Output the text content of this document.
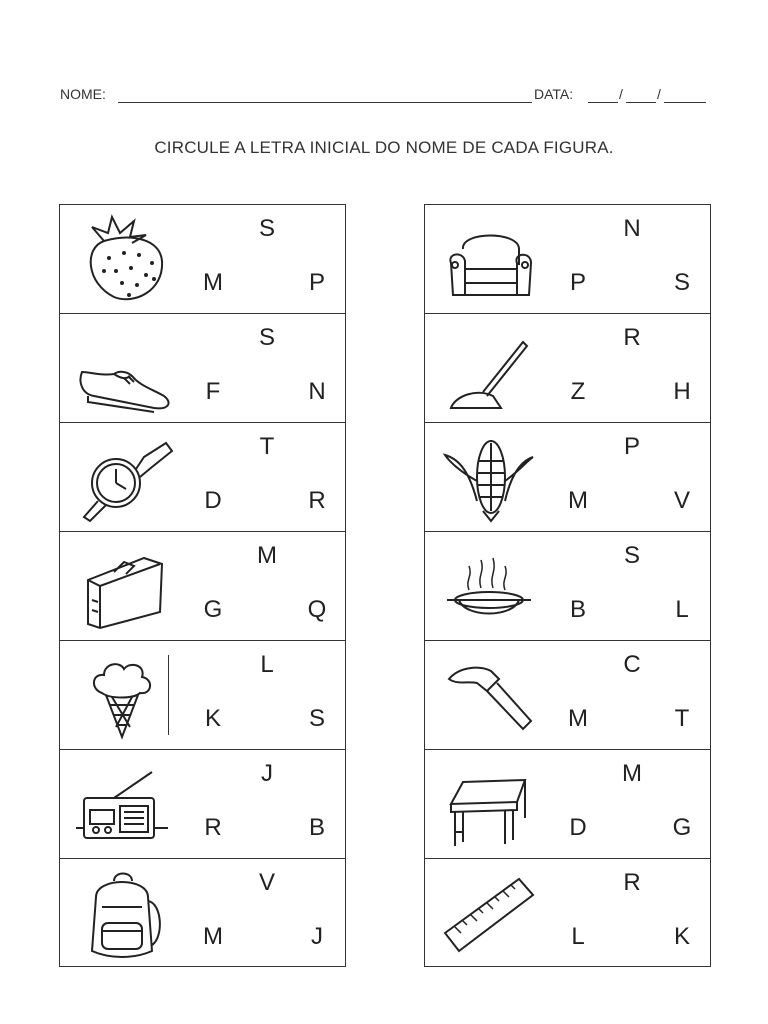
NOME:	DATA:	/ /
CIRCULE A LETRA INICIAL DO NOME DE CADA FIGURA.
S
M	P
S
F	N
T
D	R
M
G	Q
L
K	S
J
R	B
V
M	J
N
P	S
R
Z	H
P
M	V
S
B	L
C
M	T
M
D	G
R
L	K
